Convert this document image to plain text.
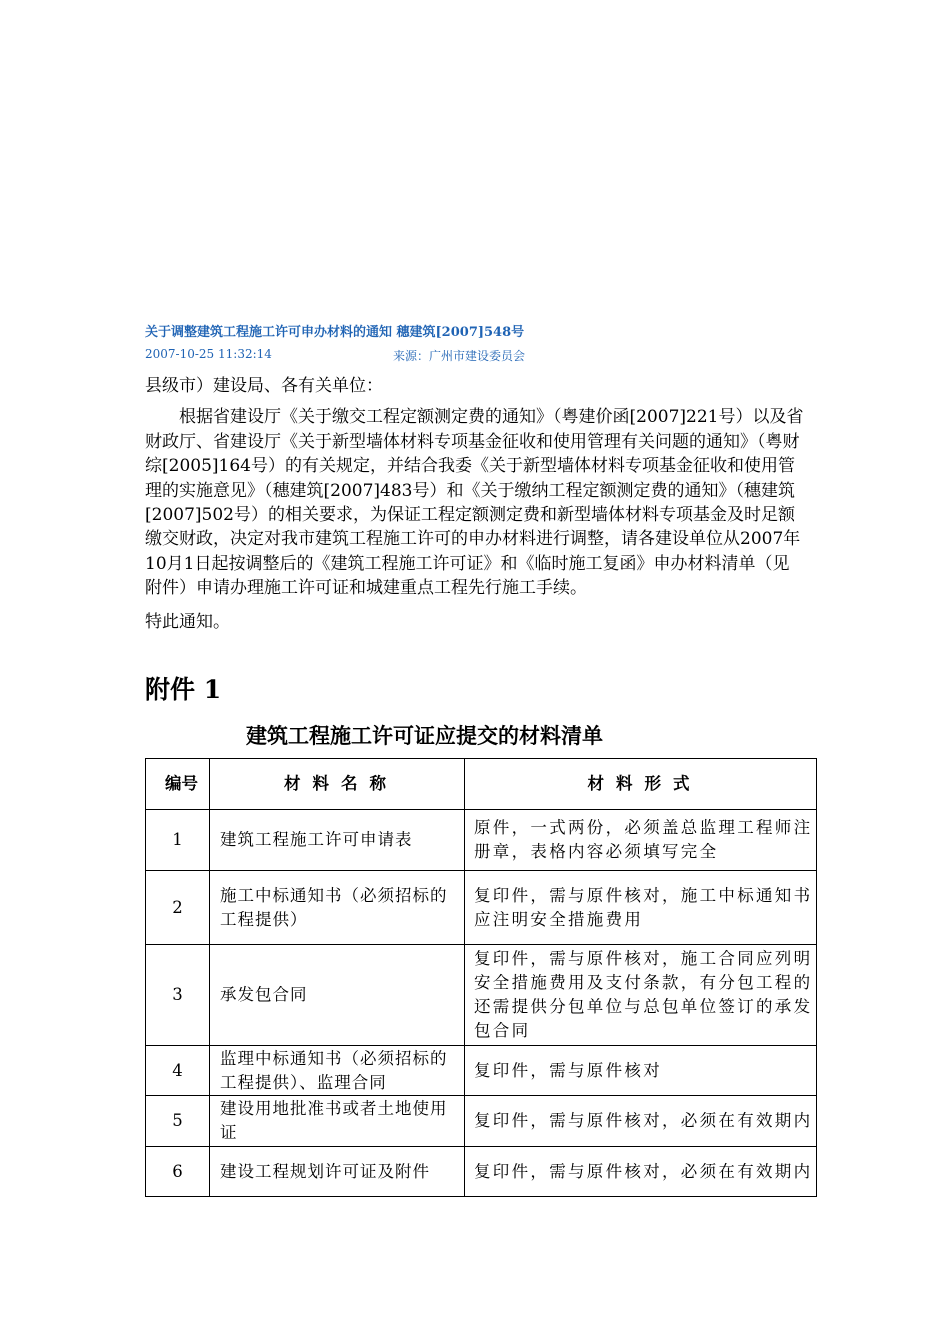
关于调整建筑工程施工许可申办材料的通知 穗建筑[2007]548号
2007-10-25 11:32:14	来源：广州市建设委员会

县级市）建设局、各有关单位：

根据省建设厅《关于缴交工程定额测定费的通知》（粤建价函[2007]221号）以及省财政厅、省建设厅《关于新型墙体材料专项基金征收和使用管理有关问题的通知》（粤财综[2005]164号）的有关规定，并结合我委《关于新型墙体材料专项基金征收和使用管理的实施意见》（穗建筑[2007]483号）和《关于缴纳工程定额测定费的通知》（穗建筑[2007]502号）的相关要求，为保证工程定额测定费和新型墙体材料专项基金及时足额缴交财政，决定对我市建筑工程施工许可的申办材料进行调整，请各建设单位从2007年10月1日起按调整后的《建筑工程施工许可证》和《临时施工复函》申办材料清单（见附件）申请办理施工许可证和城建重点工程先行施工手续。

特此通知。

附件 1
建筑工程施工许可证应提交的材料清单
编号	材料名称	材料形式
1	建筑工程施工许可申请表	原件，一式两份，必须盖总监理工程师注册章，表格内容必须填写完全
2	施工中标通知书（必须招标的工程提供）	复印件，需与原件核对，施工中标通知书应注明安全措施费用
3	承发包合同	复印件，需与原件核对，施工合同应列明安全措施费用及支付条款，有分包工程的还需提供分包单位与总包单位签订的承发包合同
4	监理中标通知书（必须招标的工程提供）、监理合同	复印件，需与原件核对
5	建设用地批准书或者土地使用证	复印件，需与原件核对，必须在有效期内
6	建设工程规划许可证及附件	复印件，需与原件核对，必须在有效期内
